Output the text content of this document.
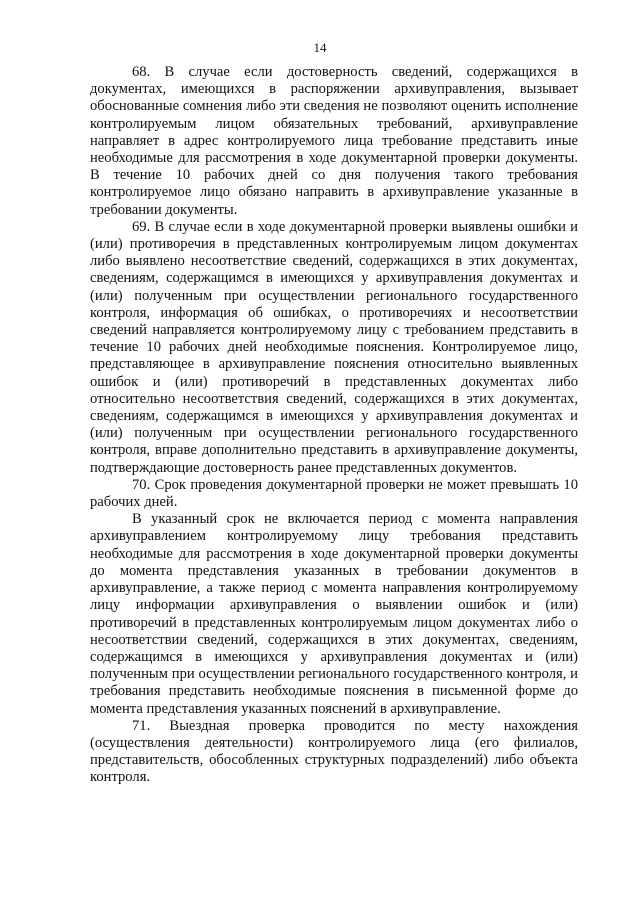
14

68. В случае если достоверность сведений, содержащихся в документах, имеющихся в распоряжении архивуправления, вызывает обоснованные сомнения либо эти сведения не позволяют оценить исполнение контролируемым лицом обязательных требований, архивуправление направляет в адрес контролируемого лица требование представить иные необходимые для рассмотрения в ходе документарной проверки документы. В течение 10 рабочих дней со дня получения такого требования контролируемое лицо обязано направить в архивуправление указанные в требовании документы.

69. В случае если в ходе документарной проверки выявлены ошибки и (или) противоречия в представленных контролируемым лицом документах либо выявлено несоответствие сведений, содержащихся в этих документах, сведениям, содержащимся в имеющихся у архивуправления документах и (или) полученным при осуществлении регионального государственного контроля, информация об ошибках, о противоречиях и несоответствии сведений направляется контролируемому лицу с требованием представить в течение 10 рабочих дней необходимые пояснения. Контролируемое лицо, представляющее в архивуправление пояснения относительно выявленных ошибок и (или) противоречий в представленных документах либо относительно несоответствия сведений, содержащихся в этих документах, сведениям, содержащимся в имеющихся у архивуправления документах и (или) полученным при осуществлении регионального государственного контроля, вправе дополнительно представить в архивуправление документы, подтверждающие достоверность ранее представленных документов.

70. Срок проведения документарной проверки не может превышать 10 рабочих дней.

В указанный срок не включается период с момента направления архивуправлением контролируемому лицу требования представить необходимые для рассмотрения в ходе документарной проверки документы до момента представления указанных в требовании документов в архивуправление, а также период с момента направления контролируемому лицу информации архивуправления о выявлении ошибок и (или) противоречий в представленных контролируемым лицом документах либо о несоответствии сведений, содержащихся в этих документах, сведениям, содержащимся в имеющихся у архивуправления документах и (или) полученным при осуществлении регионального государственного контроля, и требования представить необходимые пояснения в письменной форме до момента представления указанных пояснений в архивуправление.

71. Выездная проверка проводится по месту нахождения (осуществления деятельности) контролируемого лица (его филиалов, представительств, обособленных структурных подразделений) либо объекта контроля.
